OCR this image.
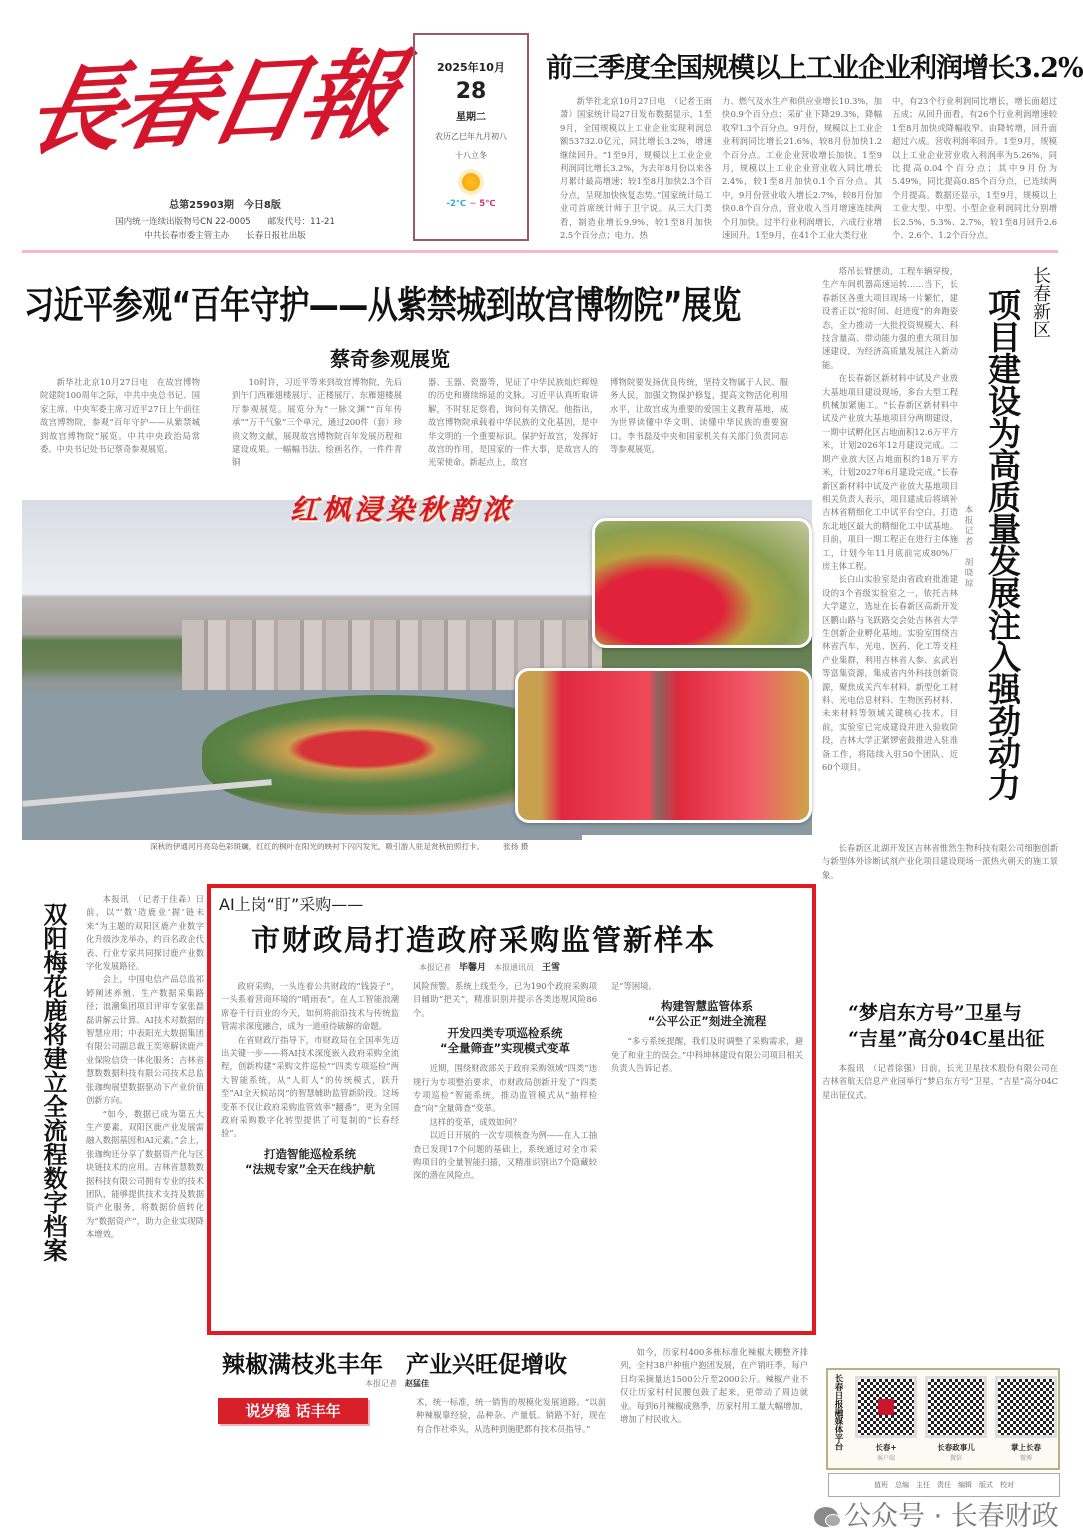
長春日報
总第25903期　今日8版
国内统一连续出版物号CN 22-0005　　邮发代号：11-21
中共长春市委主管主办　　长春日报社出版
2025年10月
28
星期二
农历乙巳年九月初八
十八立冬
-2℃ ~ 5℃
前三季度全国规模以上工业企业利润增长3.2%
新华社北京10月27日电　（记者王雨萧）国家统计局27日发布数据显示，1至9月，全国规模以上工业企业实现利润总额53732.0亿元，同比增长3.2%，增速继续回升。“1至9月，规模以上工业企业利润同比增长3.2%，为去年8月份以来各月累计最高增速；较1至8月加快2.3个百分点，呈现加快恢复态势。”国家统计局工业司首席统计师于卫宁说。从三大门类看，制造业增长9.9%，较1至8月加快2.5个百分点；电力、热
力、燃气及水生产和供应业增长10.3%，加快0.9个百分点；采矿业下降29.3%，降幅收窄1.3个百分点。9月份，规模以上工业企业利润同比增长21.6%，较8月份加快1.2个百分点。工业企业营收增长加快。1至9月，规模以上工业企业营业收入同比增长2.4%，较1至8月加快0.1个百分点。其中，9月份营业收入增长2.7%，较8月份加快0.8个百分点，营业收入当月增速连续两个月加快。过半行业利润增长，六成行业增速回升。1至9月，在41个工业大类行业
中，有23个行业利润同比增长，增长面超过五成；从回升面看，有26个行业利润增速较1至8月加快或降幅收窄、由降转增，回升面超过六成。营收利润率回升。1至9月，规模以上工业企业营业收入利润率为5.26%，同比提高0.04个百分点；其中9月份为5.49%，同比提高0.85个百分点，已连续两个月提高。数据还显示，1至9月，规模以上工业大型、中型、小型企业利润同比分别增长2.5%、5.3%、2.7%，较1至8月回升2.6个、2.6个、1.2个百分点。
习近平参观“百年守护——从紫禁城到故宫博物院”展览
蔡奇参观展览
新华社北京10月27日电　在故宫博物院建院100周年之际，中共中央总书记、国家主席、中央军委主席习近平27日上午前往故宫博物院，参观“百年守护——从紫禁城到故宫博物院”展览。中共中央政治局常委、中央书记处书记蔡奇参观展览。
10时许，习近平等来到故宫博物院，先后到午门西雁翅楼展厅、正楼展厅、东雁翅楼展厅参观展览。展览分为“一脉文渊”“百年传承”“万千气象”三个单元，通过200件（套）珍贵文物文献，展现故宫博物院百年发展历程和建设成果。一幅幅书法、绘画名作，一件件青铜
器、玉器、瓷器等，见证了中华民族灿烂辉煌的历史和赓续绵延的文脉。习近平认真听取讲解，不时驻足察看，询问有关情况。他指出，故宫博物院承载着中华民族的文化基因，是中华文明的一个重要标识。保护好故宫，发挥好故宫的作用，是国家的一件大事，是故宫人的光荣使命。新起点上，故宫
博物院要发扬优良传统，坚持文物属于人民、服务人民，加强文物保护修复，提高文物活化利用水平，让故宫成为重要的爱国主义教育基地，成为世界读懂中华文明、读懂中华民族的重要窗口。李书磊及中央和国家机关有关部门负责同志等参观展览。
红枫浸染秋韵浓
深秋的伊通河月亮岛色彩斑斓，红红的枫叶在阳光的映衬下闪闪发光，吸引游人驻足赏秋拍照打卡。　　　	张扬 摄

塔吊长臂摆动，工程车辆穿梭，生产车间机器高速运转……当下，长春新区各重大项目现场一片繁忙，建设者正以“抢时间、赶进度”的奔跑姿态，全力推动一大批投资规模大、科技含量高、带动能力强的重大项目加速建设，为经济高质量发展注入新动能。

在长春新区新材料中试及产业放大基地项目建设现场，多台大型工程机械加紧施工。“长春新区新材料中试及产业放大基地项目分两期建设，一期中试孵化区占地面积12.6万平方米，计划2026年12月建设完成。二期产业放大区占地面积约18万平方米，计划2027年6月建设完成。”长春新区新材料中试及产业放大基地项目相关负责人表示，项目建成后将填补吉林省精细化工中试平台空白，打造东北地区最大的精细化工中试基地。目前，项目一期工程正在进行主体施工，计划今年11月底前完成80%厂房主体工程。

长白山实验室是由省政府批准建设的3个省级实验室之一，依托吉林大学建立，选址在长春新区高新开发区鹏山路与飞跃路交会处吉林省大学生创新企业孵化基地。实验室围绕吉林省汽车、光电、医药、化工等支柱产业集群，利用吉林省人参、玄武岩等富集资源，集成省内外科技创新资源，聚焦成关汽车材料、新型化工材料、光电信息材料、生物医药材料、未来材料等领域关键核心技术。目前，实验室已完成建设并进入验收阶段，吉林大学正紧锣密鼓推进入驻准备工作，将陆续入驻50个团队、近60个项目。

本报记者　胡晓琼
长春新区
项目建设为高质量发展注入强劲动力

长春新区北湖开发区吉林省惟然生物科技有限公司细胞创新与新型体外诊断试剂产业化项目建设现场一派热火朝天的施工景象。

“梦启东方号”卫星与
“吉星”高分04C星出征

本报讯　（记者徐强）日前，长光卫星技术股份有限公司在吉林省航天信息产业园举行“梦启东方号”卫星、“吉星”高分04C星出征仪式。

双阳梅花鹿将建立全流程数字档案

本报讯　（记者于佳森）日前，以“‘数’造鹿业‘握’链未来”为主题的双阳区鹿产业数字化升级沙龙举办，约百名政企代表、行业专家共同探讨鹿产业数字化发展路径。

会上，中国电信产品总监祁婷阐述养殖、生产数据采集路径；浪潮集团项目评审专家张磊磊讲解云计算、AI技术对数据的智慧应用；中表阳光大数据集团有限公司副总裁王奕寒解读鹿产业保险信贷一体化服务；吉林省慧数数据科技有限公司技术总监张珈绚展望数据驱动下产业价值创新方向。

“如今，数据已成为第五大生产要素，双阳区鹿产业发展需融入数据基因和AI元素。”会上，张珈绚还分享了数据资产化与区块链技术的应用。吉林省慧数数据科技有限公司拥有专业的技术团队，能够提供技术支持及数据资产化服务，将数据价值转化为“数据资产”，助力企业实现降本增效。

AI上岗“盯”采购——
市财政局打造政府采购监管新样本
本报记者　 毕馨月　 本报通讯员　 王雪

政府采购，一头连着公共财政的“钱袋子”，一头系着营商环境的“晴雨表”。在人工智能浪潮席卷千行百业的今天，如何将前沿技术与传统监管需求深度融合，成为一道亟待破解的命题。

在省财政厅指导下，市财政局在全国率先迈出关键一步——将AI技术深度嵌入政府采购全流程，创新构建“采购文件巡检”“四类专项巡检”两大智能系统，从“人盯人”的传统模式，跃升至“AI全天候站岗”的智慧辅助监管新阶段。这场变革不仅让政府采购监管效率“翻番”，更为全国政府采购数字化转型提供了可复制的“长春经验”。

打造智能巡检系统
“法规专家”全天在线护航
风险预警。系统上线至今，已为190个政府采购项目辅助“把关”，精准识别并提示各类违规风险86个。
开发四类专项巡检系统
“全量筛查”实现模式变革

近期，围绕财政部关于政府采购领域“四类”违规行为专项整治要求，市财政局创新开发了“四类专项巡检”智能系统，推动监管模式从“抽样检查”向“全量筛查”变革。

这样的变革，成效如何？

以近日开展的一次专项核查为例——在人工抽查已发现17个问题的基础上，系统通过对全市采购项目的全量智能扫描，又精准识别出7个隐藏较深的潜在风险点。

足”等困境。
构建智慧监管体系
“公平公正”刻进全流程

“多亏系统提醒，我们及时调整了采购需求，避免了和业主的误会。”中科坤林建设有限公司项目相关负责人告诉记者。

辣椒满枝兆丰年　产业兴旺促增收
本报记者　 赵猛佳
说岁稳 话丰年	术，统一标准，统一销售的规模化发展道路。“以前种辣椒靠经验，品种杂、产量低、销路不好，现在有合作社牵头，从选种到施肥都有技术员指导。”
如今，历家村400多栋标准化辣椒大棚整齐排列，全村38户种植户抱团发展，在产销旺季，每户日均采摘量达1500公斤至2000公斤。辣椒产业不仅让历家村村民腰包鼓了起来，更带动了周边就业。每到6月辣椒成熟季，历家村用工量大幅增加，增加了村民收入。	长春日报融媒体平台	长春+
客户端
长春政事儿
微信
掌上长春
微博
值班　总编　主任　责任　编辑　版式　校对
公众号 · 长春财政
